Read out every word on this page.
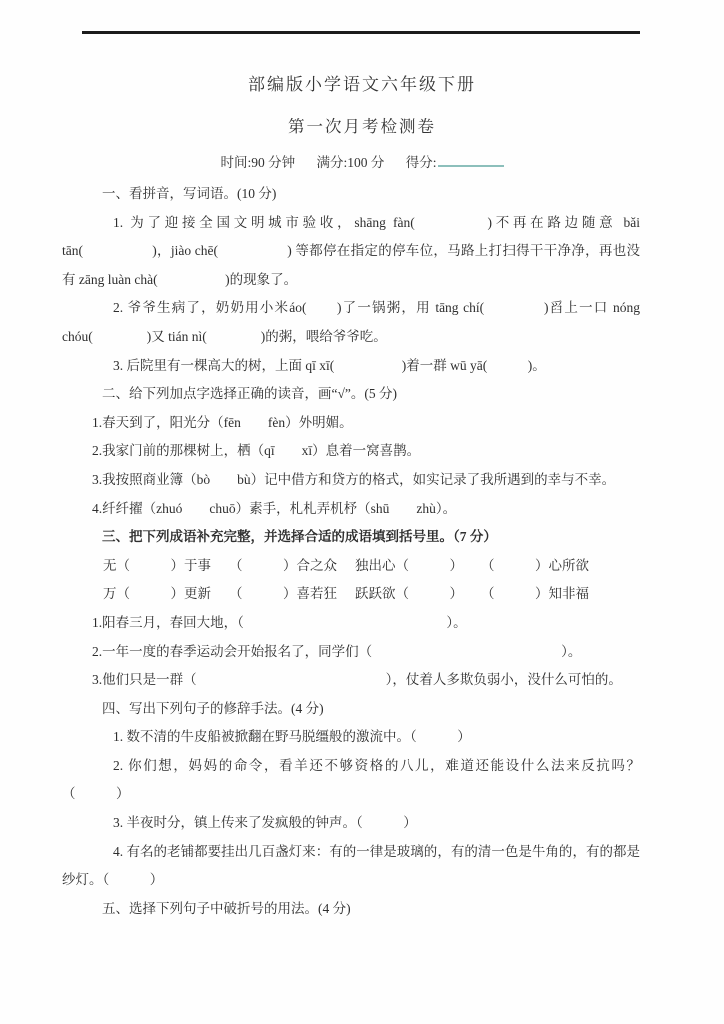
部编版小学语文六年级下册
第一次月考检测卷
时间:90 分钟 满分:100 分 得分:

一、看拼音，写词语。(10 分)

1. 为了迎接全国文明城市验收，shāng fàn(　　　　)不再在路边随意 bǎi tān(　　　　　)，jiào chē(　　　　　) 等都停在指定的停车位，马路上打扫得干干净净，再也没有 zāng luàn chà(　　　　　)的现象了。

2. 爷爷生病了，奶奶用小米áo(　　)了一锅粥，用 tāng chí(　　　　)舀上一口 nóng chóu(　　　　)又 tián nì(　　　　)的粥，喂给爷爷吃。

3. 后院里有一棵高大的树，上面 qī xī(　　　　　)着一群 wū yā(　　　)。

二、给下列加点字选择正确的读音，画“√”。(5 分)

1.春天到了，阳光分（fēn　　fèn）外明媚。

2.我家门前的那棵树上，栖（qī　　xī）息着一窝喜鹊。

3.我按照商业簿（bò　　bù）记中借方和贷方的格式，如实记录了我所遇到的幸与不幸。

4.纤纤擢（zhuó　　chuō）素手，札札弄机杼（shū　　zhù）。

三、把下列成语补充完整，并选择合适的成语填到括号里。（7 分）

无（　　　）于事 （　　　）合之众 独出心（　　　） （　　　）心所欲
万（　　　）更新 （　　　）喜若狂 跃跃欲（　　　） （　　　）知非福

1.阳春三月，春回大地，（　　　　　　　　　　　　　　　）。

2.一年一度的春季运动会开始报名了，同学们（　　　　　　　　　　　　　　）。

3.他们只是一群（　　　　　　　　　　　　　　），仗着人多欺负弱小，没什么可怕的。

四、写出下列句子的修辞手法。(4 分)

1. 数不清的牛皮船被掀翻在野马脱缰般的激流中。（　　　）

2. 你们想，妈妈的命令，看羊还不够资格的八儿，难道还能设什么法来反抗吗？（　　　）

3. 半夜时分，镇上传来了发疯般的钟声。（　　　）

4. 有名的老铺都要挂出几百盏灯来：有的一律是玻璃的，有的清一色是牛角的，有的都是纱灯。（　　　）

五、选择下列句子中破折号的用法。(4 分)
